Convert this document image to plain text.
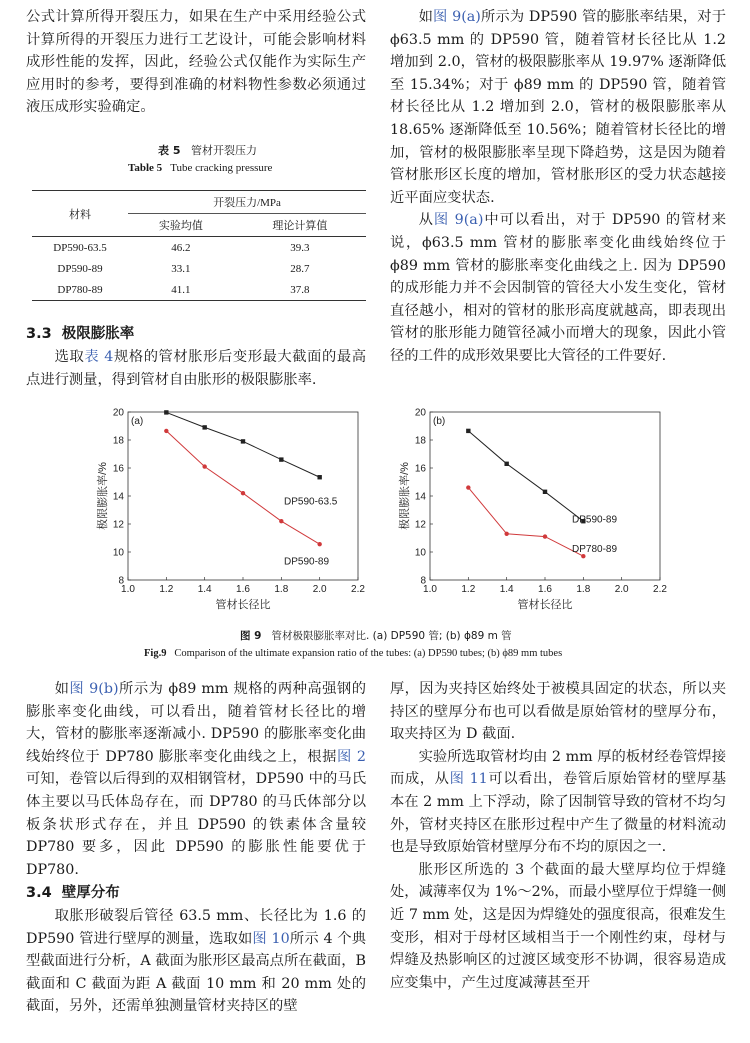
公式计算所得开裂压力，如果在生产中采用经验公式计算所得的开裂压力进行工艺设计，可能会影响材料成形性能的发挥，因此，经验公式仅能作为实际生产应用时的参考，要得到准确的材料物性参数必须通过液压成形实验确定。

表 5 管材开裂压力
Table 5 Tube cracking pressure
材料	开裂压力/MPa	
	实验均值	理论计算值
DP590-63.5	46.2	39.3
DP590-89	33.1	28.7
DP780-89	41.1	37.8
3.3 极限膨胀率

选取表 4规格的管材胀形后变形最大截面的最高点进行测量，得到管材自由胀形的极限膨胀率.

如图 9(a)所示为 DP590 管的膨胀率结果，对于 ϕ63.5 mm 的 DP590 管，随着管材长径比从 1.2 增加到 2.0，管材的极限膨胀率从 19.97% 逐渐降低至 15.34%；对于 ϕ89 mm 的 DP590 管，随着管材长径比从 1.2 增加到 2.0，管材的极限膨胀率从 18.65% 逐渐降低至 10.56%；随着管材长径比的增加，管材的极限膨胀率呈现下降趋势，这是因为随着管材胀形区长度的增加，管材胀形区的受力状态越接近平面应变状态.

从图 9(a)中可以看出，对于 DP590 的管材来说，ϕ63.5 mm 管材的膨胀率变化曲线始终位于 ϕ89 mm 管材的膨胀率变化曲线之上. 因为 DP590 的成形能力并不会因制管的管径大小发生变化，管材直径越小，相对的管材的胀形高度就越高，即表现出管材的胀形能力随管径减小而增大的现象，因此小管径的工件的成形效果要比大管径的工件要好.

1.0 1.2 1.4 1.6 1.8 2.0 2.2
8
10
12
14
16
18
20
管材长径比
极限膨胀率/%
(a)
DP590-63.5
DP590-89
1.0 1.2 1.4 1.6 1.8 2.0 2.2
8
10
12
14
16
18
20
管材长径比
极限膨胀率/%
(b)
DP590-89
DP780-89
图 9 管材极限膨胀率对比. (a) DP590 管; (b) ϕ89 m 管
Fig.9 Comparison of the ultimate expansion ratio of the tubes: (a) DP590 tubes; (b) ϕ89 mm tubes

如图 9(b)所示为 ϕ89 mm 规格的两种高强钢的膨胀率变化曲线，可以看出，随着管材长径比的增大，管材的膨胀率逐渐减小. DP590 的膨胀率变化曲线始终位于 DP780 膨胀率变化曲线之上，根据图 2可知，卷管以后得到的双相钢管材，DP590 中的马氏体主要以马氏体岛存在，而 DP780 的马氏体部分以板条状形式存在，并且 DP590 的铁素体含量较 DP780 要多，因此 DP590 的膨胀性能要优于 DP780.

3.4 壁厚分布

取胀形破裂后管径 63.5 mm、长径比为 1.6 的 DP590 管进行壁厚的测量，选取如图 10所示 4 个典型截面进行分析，A 截面为胀形区最高点所在截面，B 截面和 C 截面为距 A 截面 10 mm 和 20 mm 处的截面，另外，还需单独测量管材夹持区的壁

厚，因为夹持区始终处于被模具固定的状态，所以夹持区的壁厚分布也可以看做是原始管材的壁厚分布，取夹持区为 D 截面.

实验所选取管材均由 2 mm 厚的板材经卷管焊接而成，从图 11可以看出，卷管后原始管材的壁厚基本在 2 mm 上下浮动，除了因制管导致的管材不均匀外，管材夹持区在胀形过程中产生了微量的材料流动也是导致原始管材壁厚分布不均的原因之一.

胀形区所选的 3 个截面的最大壁厚均位于焊缝处，减薄率仅为 1%～2%，而最小壁厚位于焊缝一侧近 7 mm 处，这是因为焊缝处的强度很高，很难发生变形，相对于母材区域相当于一个刚性约束，母材与焊缝及热影响区的过渡区域变形不协调，很容易造成应变集中，产生过度减薄甚至开
